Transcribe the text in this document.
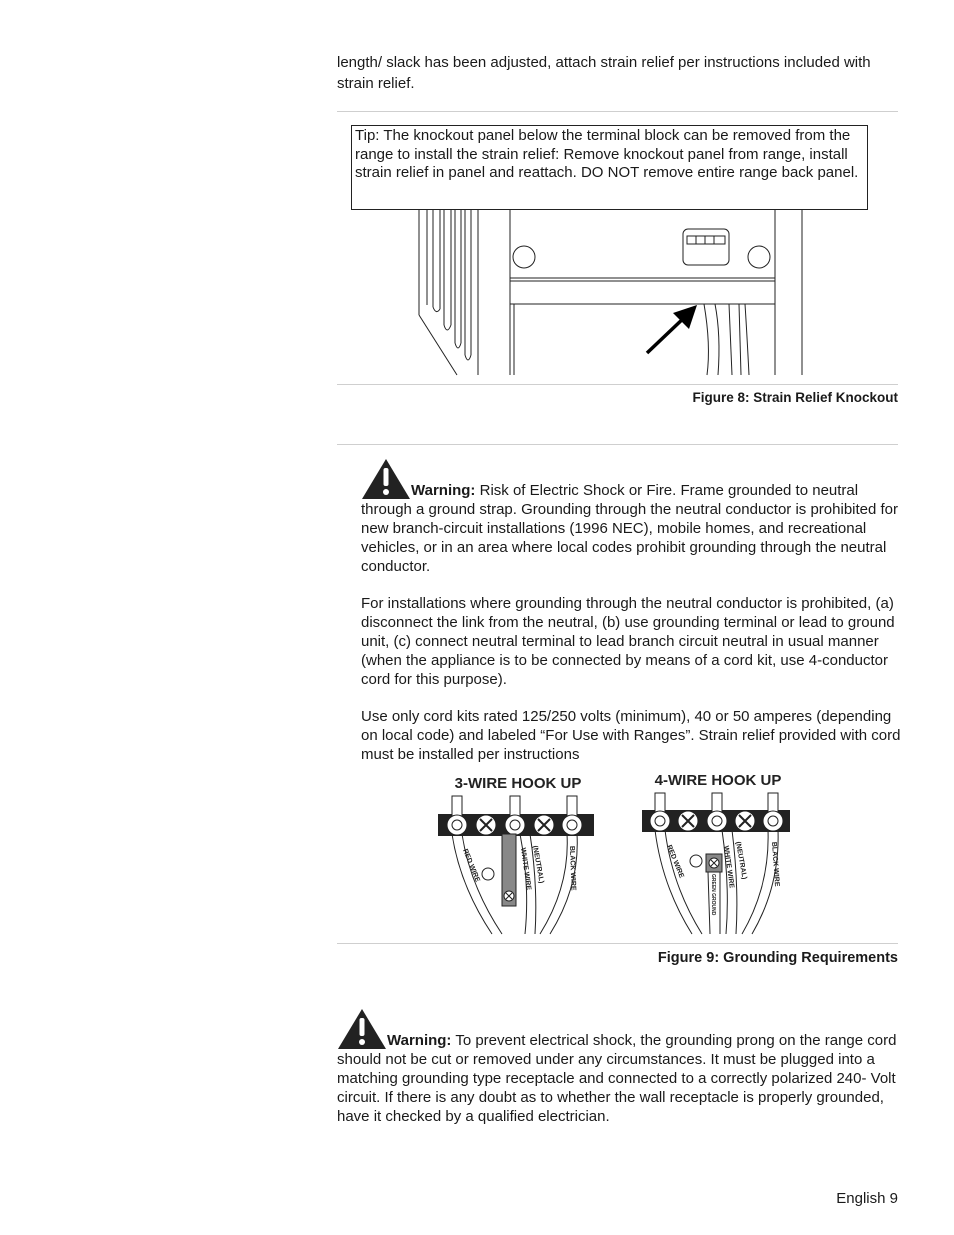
length/ slack has been adjusted, attach strain relief per instructions included with strain relief.

Tip: The knockout panel below the terminal block can be removed from the range to install the strain relief: Remove knockout panel from range, install strain relief in panel and reattach. DO NOT remove entire range back panel.
Figure 8: Strain Relief Knockout
Warning: Risk of Electric Shock or Fire. Frame grounded to neutral through a ground strap. Grounding through the neutral conductor is prohibited for new branch-circuit installations (1996 NEC), mobile homes, and recreational vehicles, or in an area where local codes prohibit grounding through the neutral conductor.

For installations where grounding through the neutral conductor is prohibited, (a) disconnect the link from the neutral, (b) use grounding terminal or lead to ground unit, (c) connect neutral terminal to lead branch circuit neutral in usual manner (when the appliance is to be connected by means of a cord kit, use 4-conductor cord for this purpose).

Use only cord kits rated 125/250 volts (minimum), 40 or 50 amperes (depending on local code) and labeled “For Use with Ranges”. Strain relief provided with cord must be installed per instructions

3-WIRE HOOK UP
RED WIRE	WHITE WIRE (NEUTRAL)	BLACK WIRE
4-WIRE HOOK UP
RED WIRE
GREEN GROUND
WHITE WIRE (NEUTRAL)	BLACK WIRE
Figure 9: Grounding Requirements
Warning: To prevent electrical shock, the grounding prong on the range cord should not be cut or removed under any circumstances. It must be plugged into a matching grounding type receptacle and connected to a correctly polarized 240- Volt circuit. If there is any doubt as to whether the wall receptacle is properly grounded, have it checked by a qualified electrician.
English 9
